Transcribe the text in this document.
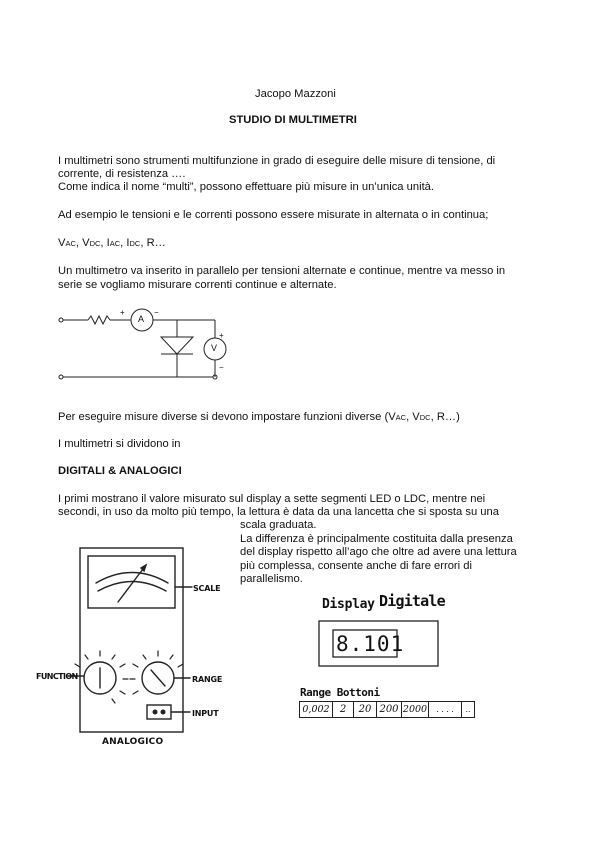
Jacopo Mazzoni

STUDIO DI MULTIMETRI

I multimetri sono strumenti multifunzione in grado di eseguire delle misure di tensione, di

corrente, di resistenza ….

Come indica il nome “multi”, possono effettuare più misure in un’unica unità.

Ad esempio le tensioni e le correnti possono essere misurate in alternata o in continua;

VAC, VDC, IAC, IDC, R…

Un multimetro va inserito in parallelo per tensioni alternate e continue, mentre va messo in

serie se vogliamo misurare correnti continue e alternate.

A

V

+	−

+

−

Per eseguire misure diverse si devono impostare funzioni diverse (VAC, VDC, R…)

I multimetri si dividono in

DIGITALI & ANALOGICI

I primi mostrano il valore misurato sul display a sette segmenti LED o LDC, mentre nei

secondi, in uso da molto più tempo, la lettura è data da una lancetta che si sposta su una

scala graduata.

La differenza è principalmente costituita dalla presenza

del display rispetto all’ago che oltre ad avere una lettura

più complessa, consente anche di fare errori di

parallelismo.

SCALE

FUNCTION	RANGE

INPUT

ANALOGICO

Display Digitale

8.101

Range Bottoni

0,002	2	20 200 2000	. . . .	..
